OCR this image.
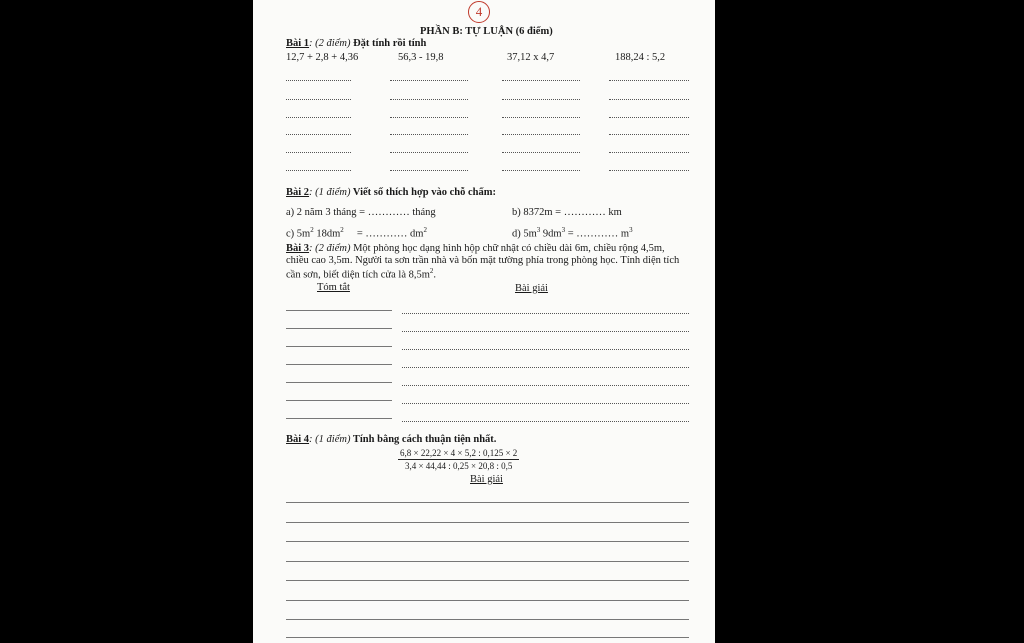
4
PHẦN B: TỰ LUẬN (6 điểm)
Bài 1: (2 điểm) Đặt tính rồi tính
12,7 + 2,8 + 4,36	56,3 - 19,8	37,12 x 4,7	188,24 : 5,2
Bài 2: (1 điểm) Viết số thích hợp vào chỗ chấm:
a) 2 năm 3 tháng = ………… tháng	b) 8372m = ………… km
c) $5m^2$ $18dm^2$     = ………… $dm^2$	d) $5m^3$ $9dm^3$ = ………… $m^3$
Bài 3: (2 điểm) Một phòng học dạng hình hộp chữ nhật có chiều dài 6m, chiều rộng 4,5m, chiều cao 3,5m. Người ta sơn trần nhà và bốn mặt tường phía trong phòng học. Tính diện tích cần sơn, biết diện tích cửa là $8,5m^2$.
Tóm tắt	Bài giải
Bài 4: (1 điểm) Tính bằng cách thuận tiện nhất.
$\frac{6,8 \times 22,22 \times 4 \times 5,2 : 0,125 \times 2}{3,4 \times 44,44 : 0,25 \times 20,8 : 0,5}$
Bài giải
